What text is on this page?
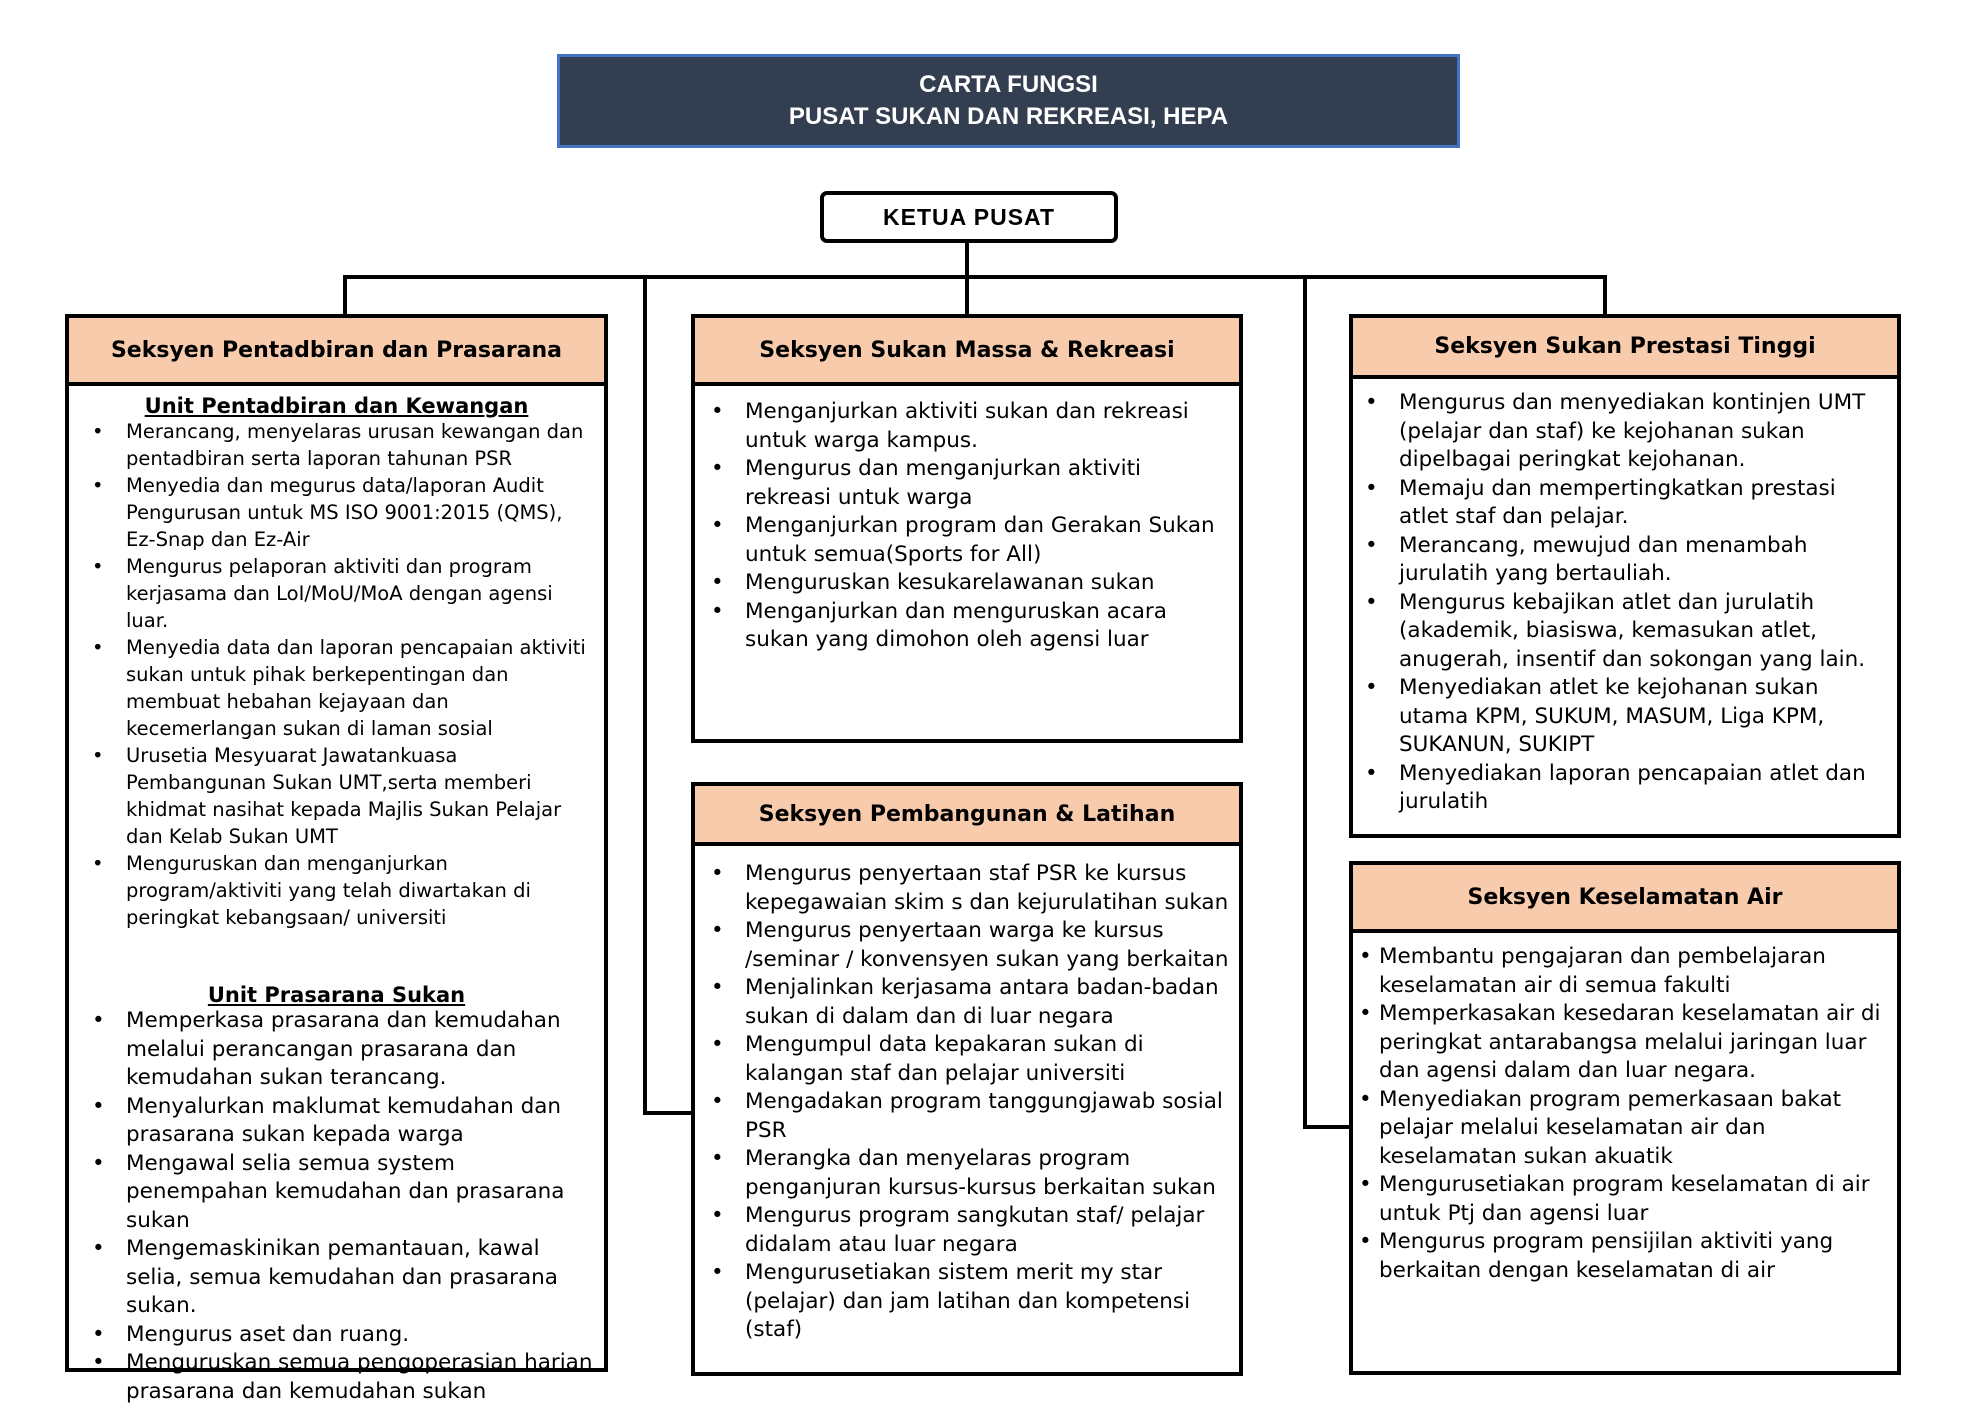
CARTA FUNGSI
PUSAT SUKAN DAN REKREASI, HEPA
KETUA PUSAT
Seksyen Pentadbiran dan Prasarana
Unit Pentadbiran dan Kewangan
• Merancang, menyelaras urusan kewangan dan pentadbiran serta laporan tahunan PSR
• Menyedia dan megurus data/laporan Audit Pengurusan untuk MS ISO 9001:2015 (QMS), Ez-Snap dan Ez-Air
• Mengurus pelaporan aktiviti dan program kerjasama dan LoI/MoU/MoA dengan agensi luar.
• Menyedia data dan laporan pencapaian aktiviti sukan untuk pihak berkepentingan dan membuat hebahan kejayaan dan kecemerlangan sukan di laman sosial
• Urusetia Mesyuarat Jawatankuasa Pembangunan Sukan UMT,serta memberi khidmat nasihat kepada Majlis Sukan Pelajar dan Kelab Sukan UMT
• Menguruskan dan menganjurkan program/aktiviti yang telah diwartakan di peringkat kebangsaan/ universiti
Unit Prasarana Sukan
• Memperkasa prasarana dan kemudahan melalui perancangan prasarana dan kemudahan sukan terancang.
• Menyalurkan maklumat kemudahan dan prasarana sukan kepada warga
• Mengawal selia semua system penempahan kemudahan dan prasarana sukan
• Mengemaskinikan pemantauan, kawal selia, semua kemudahan dan prasarana sukan.
• Mengurus aset dan ruang.
• Menguruskan semua pengoperasian harian prasarana dan kemudahan sukan
Seksyen Sukan Massa & Rekreasi
• Menganjurkan aktiviti sukan dan rekreasi untuk warga kampus.
• Mengurus dan menganjurkan aktiviti rekreasi untuk warga
• Menganjurkan program dan Gerakan Sukan untuk semua(Sports for All)
• Menguruskan kesukarelawanan sukan
• Menganjurkan dan menguruskan acara sukan yang dimohon oleh agensi luar
Seksyen Pembangunan & Latihan
• Mengurus penyertaan staf PSR ke kursus kepegawaian skim s dan kejurulatihan sukan
• Mengurus penyertaan warga ke kursus /seminar / konvensyen sukan yang berkaitan
• Menjalinkan kerjasama antara badan-badan sukan di dalam dan di luar negara
• Mengumpul data kepakaran sukan di kalangan staf dan pelajar universiti
• Mengadakan program tanggungjawab sosial PSR
• Merangka dan menyelaras program penganjuran kursus-kursus berkaitan sukan
• Mengurus program sangkutan staf/ pelajar didalam atau luar negara
• Mengurusetiakan sistem merit my star (pelajar) dan jam latihan dan kompetensi (staf)
Seksyen Sukan Prestasi Tinggi
• Mengurus dan menyediakan kontinjen UMT (pelajar dan staf) ke kejohanan sukan dipelbagai peringkat kejohanan.
• Memaju dan mempertingkatkan prestasi atlet staf dan pelajar.
• Merancang, mewujud dan menambah jurulatih yang bertauliah.
• Mengurus kebajikan atlet dan jurulatih (akademik, biasiswa, kemasukan atlet, anugerah, insentif dan sokongan yang lain.
• Menyediakan atlet ke kejohanan sukan utama KPM, SUKUM, MASUM, Liga KPM, SUKANUN, SUKIPT
• Menyediakan laporan pencapaian atlet dan jurulatih
Seksyen Keselamatan Air
• Membantu pengajaran dan pembelajaran keselamatan air di semua fakulti
• Memperkasakan kesedaran keselamatan air di peringkat antarabangsa melalui jaringan luar dan agensi dalam dan luar negara.
• Menyediakan program pemerkasaan bakat pelajar melalui keselamatan air dan keselamatan sukan akuatik
• Mengurusetiakan program keselamatan di air untuk Ptj dan agensi luar
• Mengurus program pensijilan aktiviti yang berkaitan dengan keselamatan di air
